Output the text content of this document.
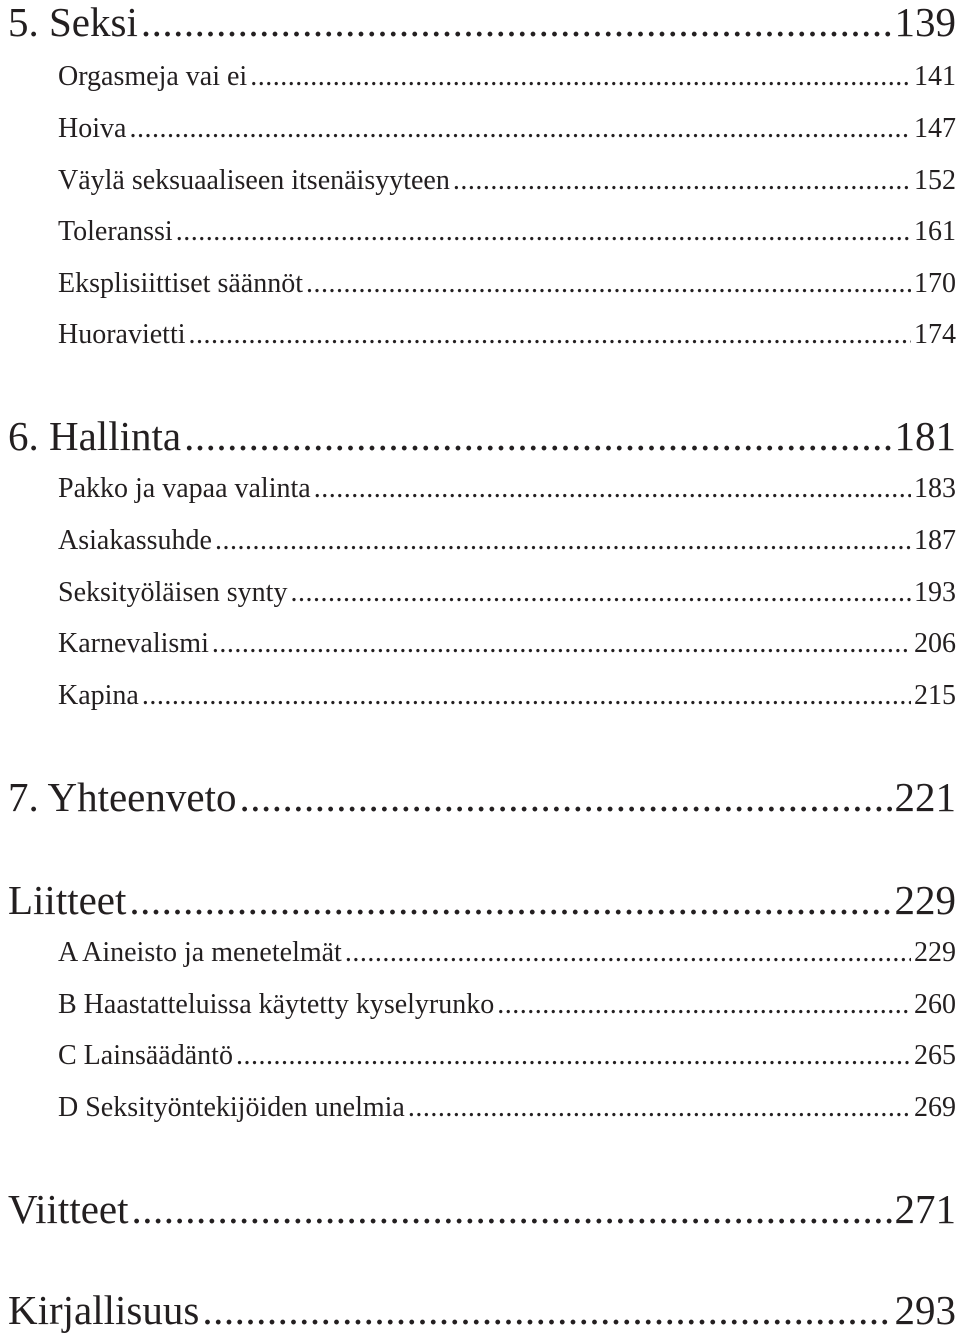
5. Seksi .....	139
Orgasmeja vai ei .....	141
Hoiva .....	147
Väylä seksuaaliseen itsenäisyyteen .....	152
Toleranssi .....	161
Eksplisiittiset säännöt .....	170
Huoravietti .....	174
6. Hallinta .....	181
Pakko ja vapaa valinta .....	183
Asiakassuhde .....	187
Seksityöläisen synty .....	193
Karnevalismi .....	206
Kapina .....	215
7. Yhteenveto .....	221
Liitteet .....	229
A Aineisto ja menetelmät .....	229
B Haastatteluissa käytetty kyselyrunko .....	260
C Lainsäädäntö .....	265
D Seksityöntekijöiden unelmia .....	269
Viitteet .....	271
Kirjallisuus .....	293
